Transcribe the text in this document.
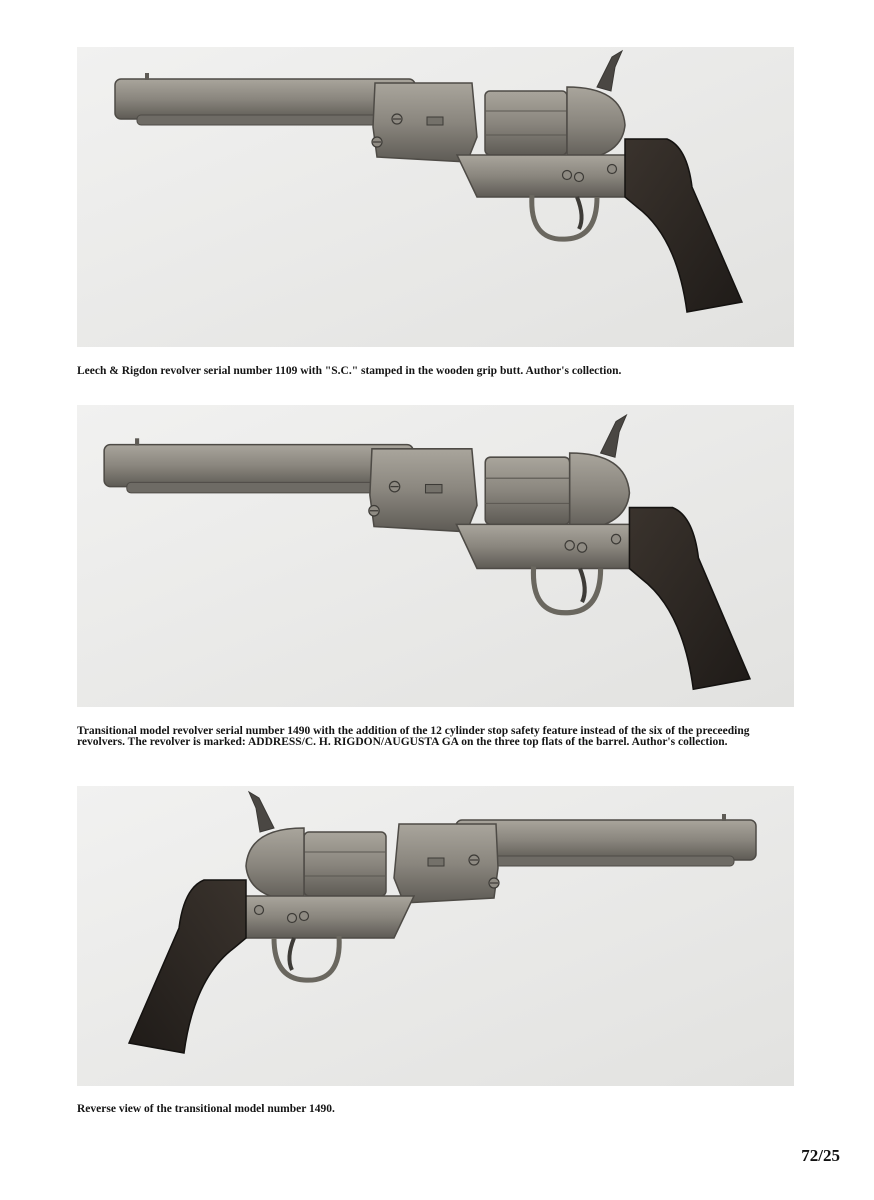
Leech & Rigdon revolver serial number 1109 with "S.C." stamped in the wooden grip butt. Author's collection.
Transitional model revolver serial number 1490 with the addition of the 12 cylinder stop safety feature instead of the six of the preceeding revolvers. The revolver is marked: ADDRESS/C. H. RIGDON/AUGUSTA GA on the three top flats of the barrel. Author's collection.
Reverse view of the transitional model number 1490.
72/25
